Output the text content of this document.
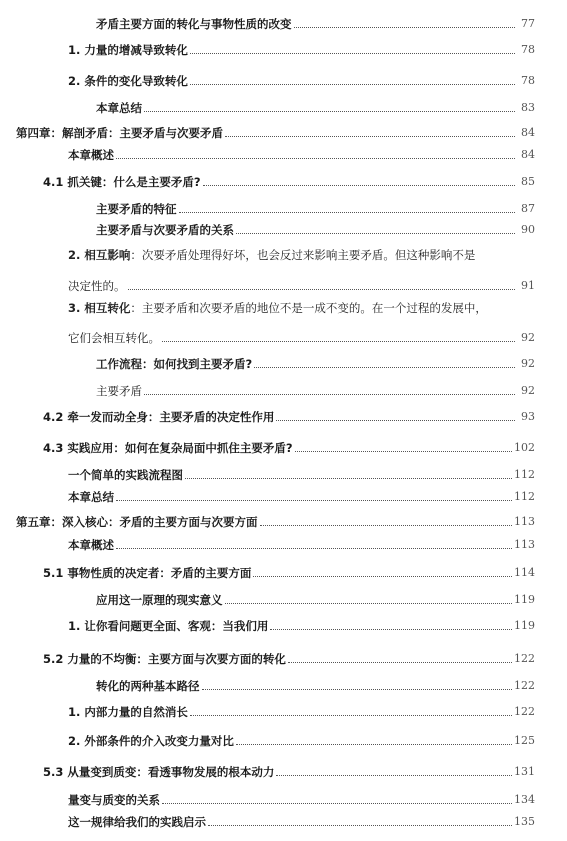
矛盾主要方面的转化与事物性质的改变	77
1. 力量的增减导致转化	78
2. 条件的变化导致转化	78
本章总结	83
第四章：解剖矛盾：主要矛盾与次要矛盾	84
本章概述	84
4.1 抓关键：什么是主要矛盾?	85
主要矛盾的特征	87
主要矛盾与次要矛盾的关系	90
2. 相互影响：次要矛盾处理得好坏，也会反过来影响主要矛盾。但这种影响不是
决定性的。	91
3. 相互转化：主要矛盾和次要矛盾的地位不是一成不变的。在一个过程的发展中，
它们会相互转化。	92
工作流程：如何找到主要矛盾?	92
主要矛盾	92
4.2 牵一发而动全身：主要矛盾的决定性作用	93
4.3 实践应用：如何在复杂局面中抓住主要矛盾?	102
一个简单的实践流程图	112
本章总结	112
第五章：深入核心：矛盾的主要方面与次要方面	113
本章概述	113
5.1 事物性质的决定者：矛盾的主要方面	114
应用这一原理的现实意义	119
1. 让你看问题更全面、客观：当我们用	119
5.2 力量的不均衡：主要方面与次要方面的转化	122
转化的两种基本路径	122
1. 内部力量的自然消长	122
2. 外部条件的介入改变力量对比	125
5.3 从量变到质变：看透事物发展的根本动力	131
量变与质变的关系	134
这一规律给我们的实践启示	135
